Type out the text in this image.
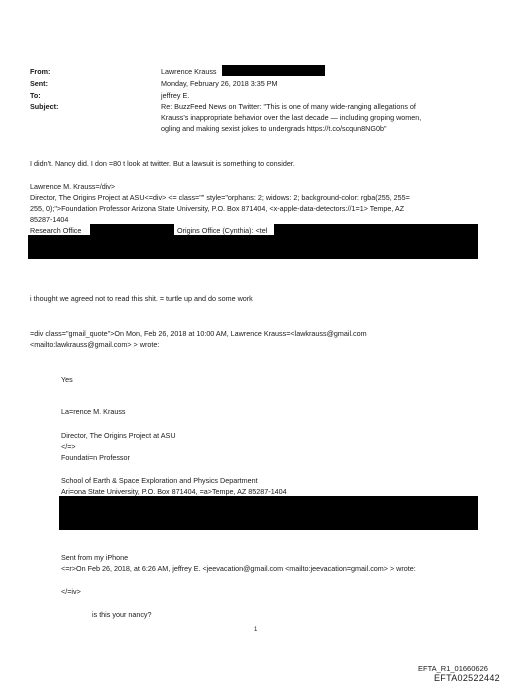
From:	Lawrence Krauss
Sent:	Monday, February 26, 2018 3:35 PM
To:	jeffrey E.
Subject:	Re: BuzzFeed News on Twitter: "This is one of many wide-ranging allegations of
Krauss's inappropriate behavior over the last decade — including groping women,
ogling and making sexist jokes to undergrads https://t.co/scqun8NG0b"
I didn't. Nancy did. I don =80 t look at twitter. But a lawsuit is something to consider.
Lawrence M. Krauss=/div>
Director, The Origins Project at ASU<=div> <= class="" style="orphans: 2; widows: 2; background-color: rgba(255, 255=
255, 0);">Foundation Professor Arizona State University, P.O. Box 871404, <x-apple-data-detectors://1=1> Tempe, AZ
85287-1404
Research Office	Origins Office (Cynthia): <tel
i thought we agreed not to read this shit. = turtle up and do some work
=div class="gmail_quote">On Mon, Feb 26, 2018 at 10:00 AM, Lawrence Krauss=<lawkrauss@gmail.com
<mailto:lawkrauss@gmail.com> > wrote:
Yes
La=rence M. Krauss
Director, The Origins Project at ASU
</=>
Foundati=n Professor
School of Earth & Space Exploration and Physics Department
Ari=ona State University, P.O. Box 871404, =a>Tempe, AZ 85287-1404
Sent from my iPhone
<=r>On Feb 26, 2018, at 6:26 AM, jeffrey E. <jeevacation@gmail.com <mailto:jeevacation=gmail.com> > wrote:
</=iv>
is this your nancy?
1
EFTA_R1_01660626
EFTA02522442
